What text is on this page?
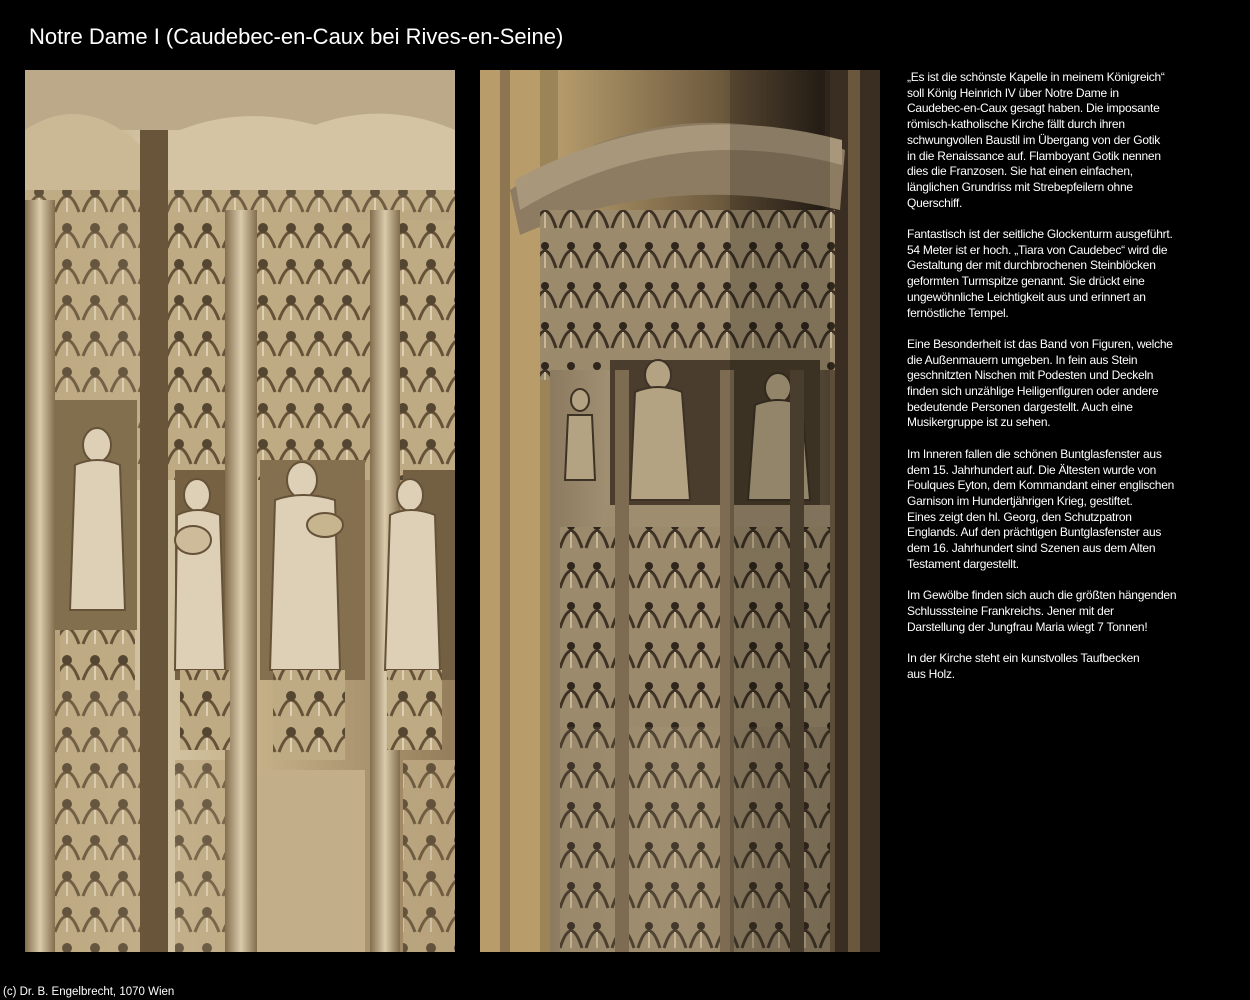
Notre Dame I (Caudebec-en-Caux bei Rives-en-Seine)

„Es ist die schönste Kapelle in meinem Königreich“
soll König Heinrich IV über Notre Dame in
Caudebec-en-Caux gesagt haben. Die imposante
römisch-katholische Kirche fällt durch ihren
schwungvollen Baustil im Übergang von der Gotik
in die Renaissance auf. Flamboyant Gotik nennen
dies die Franzosen. Sie hat einen einfachen,
länglichen Grundriss mit Strebepfeilern ohne
Querschiff.

Fantastisch ist der seitliche Glockenturm ausgeführt.
54 Meter ist er hoch. „Tiara von Caudebec“ wird die
Gestaltung der mit durchbrochenen Steinblöcken
geformten Turmspitze genannt. Sie drückt eine
ungewöhnliche Leichtigkeit aus und erinnert an
fernöstliche Tempel.

Eine Besonderheit ist das Band von Figuren, welche
die Außenmauern umgeben. In fein aus Stein
geschnitzten Nischen mit Podesten und Deckeln
finden sich unzählige Heiligenfiguren oder andere
bedeutende Personen dargestellt. Auch eine
Musikergruppe ist zu sehen.

Im Inneren fallen die schönen Buntglasfenster aus
dem 15. Jahrhundert auf. Die Ältesten wurde von
Foulques Eyton, dem Kommandant einer englischen
Garnison im Hundertjährigen Krieg, gestiftet.
Eines zeigt den hl. Georg, den Schutzpatron
Englands. Auf den prächtigen Buntglasfenster aus
dem 16. Jahrhundert sind Szenen aus dem Alten
Testament dargestellt.

Im Gewölbe finden sich auch die größten hängenden
Schlusssteine Frankreichs. Jener mit der
Darstellung der Jungfrau Maria wiegt 7 Tonnen!

In der Kirche steht ein kunstvolles Taufbecken
aus Holz.

(c) Dr. B. Engelbrecht, 1070 Wien
